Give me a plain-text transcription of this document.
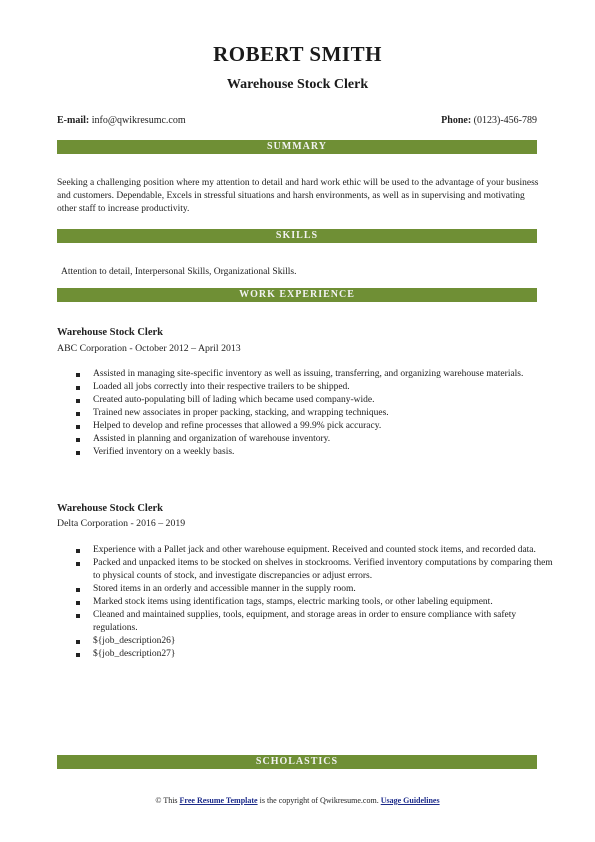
ROBERT SMITH
Warehouse Stock Clerk
E-mail: info@qwikresumc.com	Phone: (0123)-456-789
SUMMARY

Seeking a challenging position where my attention to detail and hard work ethic will be used to the advantage of your business and customers. Dependable, Excels in stressful situations and harsh environments, as well as in supervising and motivating other staff to increase productivity.

SKILLS

Attention to detail, Interpersonal Skills, Organizational Skills.

WORK EXPERIENCE
Warehouse Stock Clerk
ABC Corporation - October 2012 – April 2013
Assisted in managing site-specific inventory as well as issuing, transferring, and organizing warehouse materials.
Loaded all jobs correctly into their respective trailers to be shipped.
Created auto-populating bill of lading which became used company-wide.
Trained new associates in proper packing, stacking, and wrapping techniques.
Helped to develop and refine processes that allowed a 99.9% pick accuracy.
Assisted in planning and organization of warehouse inventory.
Verified inventory on a weekly basis.
Warehouse Stock Clerk
Delta Corporation - 2016 – 2019
Experience with a Pallet jack and other warehouse equipment. Received and counted stock items, and recorded data.
Packed and unpacked items to be stocked on shelves in stockrooms. Verified inventory computations by comparing them to physical counts of stock, and investigate discrepancies or adjust errors.
Stored items in an orderly and accessible manner in the supply room.
Marked stock items using identification tags, stamps, electric marking tools, or other labeling equipment.
Cleaned and maintained supplies, tools, equipment, and storage areas in order to ensure compliance with safety regulations.
${job_description26}
${job_description27}
SCHOLASTICS
© This Free Resume Template is the copyright of Qwikresume.com. Usage Guidelines
